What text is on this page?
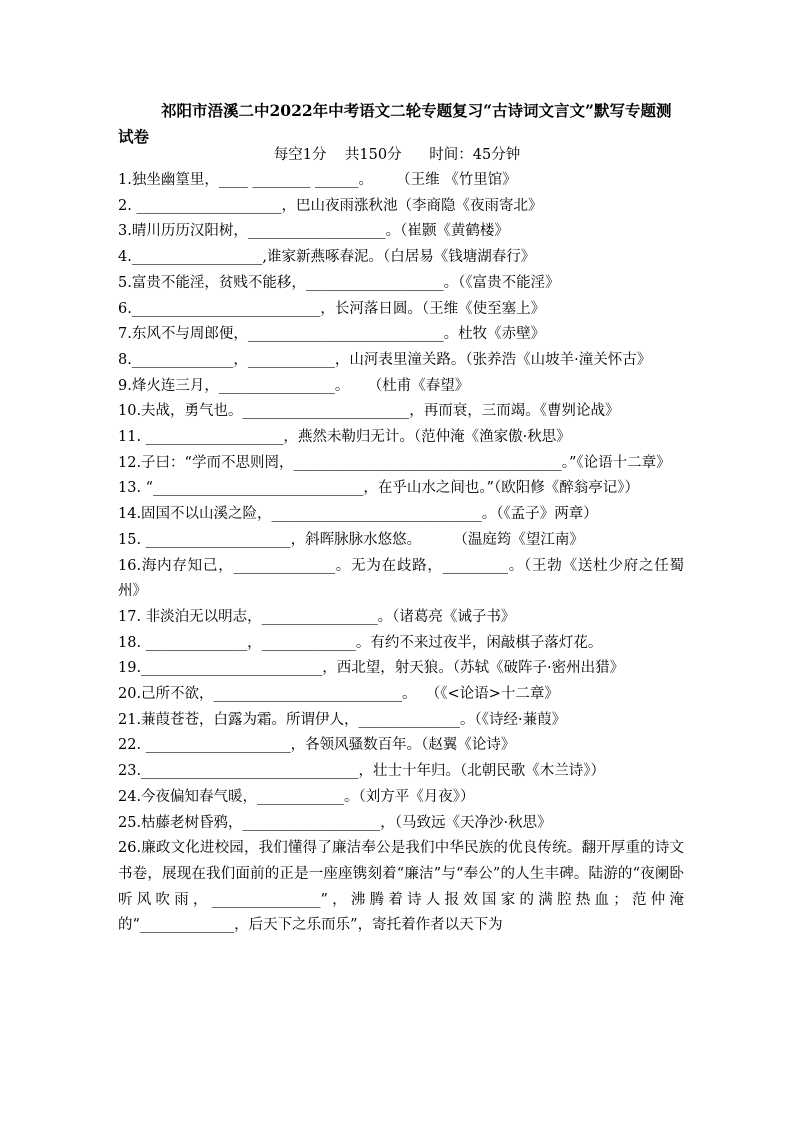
祁阳市浯溪二中2022年中考语文二轮专题复习“古诗词文言文”默写专题测试卷
每空1分    共150分      时间：45分钟
1.独坐幽篁里，____ ________ ______。     （王维 《竹里馆》
2. ____________________，巴山夜雨涨秋池（李商隐《夜雨寄北》
3.晴川历历汉阳树，___________________。（崔颢《黄鹤楼》
4.__________________,谁家新燕啄春泥。（白居易《钱塘湖春行》
5.富贵不能淫，贫贱不能移，___________________。（《富贵不能淫》
6.__________________________，长河落日圆。（王维《使至塞上》
7.东风不与周郎便，___________________________。杜牧《赤壁》
8.______________，____________，山河表里潼关路。（张养浩《山坡羊·潼关怀古》
9.烽火连三月，________________。    （杜甫《春望》
10.夫战，勇气也。_______________________，再而衰，三而竭。《曹刿论战》
11. ___________________，燕然未勒归无计。（范仲淹《渔家傲·秋思》
12.子曰：“学而不思则罔，_____________________________________。”《论语十二章》
13. “_____________________________，在乎山水之间也。”（欧阳修《醉翁亭记》）
14.固国不以山溪之险，_____________________________。（《孟子》两章）
15. ____________________，斜晖脉脉水悠悠。       （温庭筠《望江南》
16.海内存知己，______________。无为在歧路，_________。（王勃《送杜少府之任蜀州》
17. 非淡泊无以明志，________________。（诸葛亮《诫子书》
18. ______________，_____________。有约不来过夜半，闲敲棋子落灯花。
19._________________________，西北望，射天狼。（苏轼《破阵子·密州出猎》
20.己所不欲，__________________________。  （《<论语>十二章》
21.蒹葭苍苍，白露为霜。所谓伊人，______________。（《诗经·蒹葭》
22. ____________________，各领风骚数百年。（赵翼《论诗》
23.______________________________，壮士十年归。（北朝民歌《木兰诗》）
24.今夜偏知春气暖，____________。（刘方平《月夜》）
25.枯藤老树昏鸦，___________________，（马致远《天净沙·秋思》
26.廉政文化进校园，我们懂得了廉洁奉公是我们中华民族的优良传统。翻开厚重的诗文书卷，展现在我们面前的正是一座座镌刻着“廉洁”与“奉公”的人生丰碑。陆游的“夜阑卧听风吹雨，_______________”，沸腾着诗人报效国家的满腔热血；范仲淹的“_____________，后天下之乐而乐”，寄托着作者以天下为
